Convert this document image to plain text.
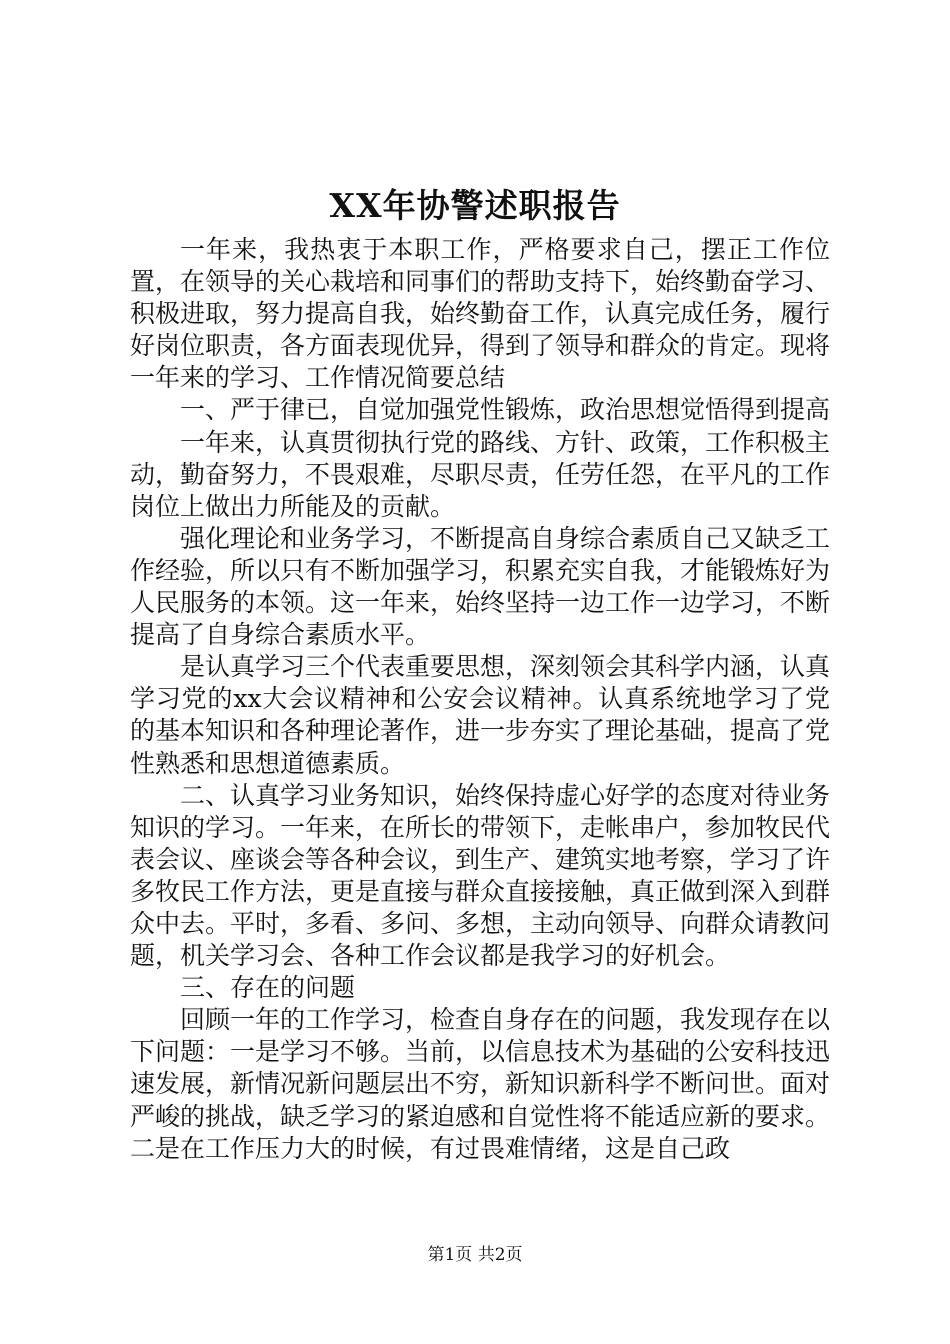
XX年协警述职报告

一年来，我热衷于本职工作，严格要求自己，摆正工作位置，在领导的关心栽培和同事们的帮助支持下，始终勤奋学习、积极进取，努力提高自我，始终勤奋工作，认真完成任务，履行好岗位职责，各方面表现优异，得到了领导和群众的肯定。现将一年来的学习、工作情况简要总结

一、严于律已，自觉加强党性锻炼，政治思想觉悟得到提高

一年来，认真贯彻执行党的路线、方针、政策，工作积极主动，勤奋努力，不畏艰难，尽职尽责，任劳任怨，在平凡的工作岗位上做出力所能及的贡献。

强化理论和业务学习，不断提高自身综合素质自己又缺乏工作经验，所以只有不断加强学习，积累充实自我，才能锻炼好为人民服务的本领。这一年来，始终坚持一边工作一边学习，不断提高了自身综合素质水平。

是认真学习三个代表重要思想，深刻领会其科学内涵，认真学习党的xx大会议精神和公安会议精神。认真系统地学习了党的基本知识和各种理论著作，进一步夯实了理论基础，提高了党性熟悉和思想道德素质。

二、认真学习业务知识，始终保持虚心好学的态度对待业务知识的学习。一年来，在所长的带领下，走帐串户，参加牧民代表会议、座谈会等各种会议，到生产、建筑实地考察，学习了许多牧民工作方法，更是直接与群众直接接触，真正做到深入到群众中去。平时，多看、多问、多想，主动向领导、向群众请教问题，机关学习会、各种工作会议都是我学习的好机会。

三、存在的问题

回顾一年的工作学习，检查自身存在的问题，我发现存在以下问题：一是学习不够。当前，以信息技术为基础的公安科技迅速发展，新情况新问题层出不穷，新知识新科学不断问世。面对严峻的挑战，缺乏学习的紧迫感和自觉性将不能适应新的要求。二是在工作压力大的时候，有过畏难情绪，这是自己政

第1页 共2页
